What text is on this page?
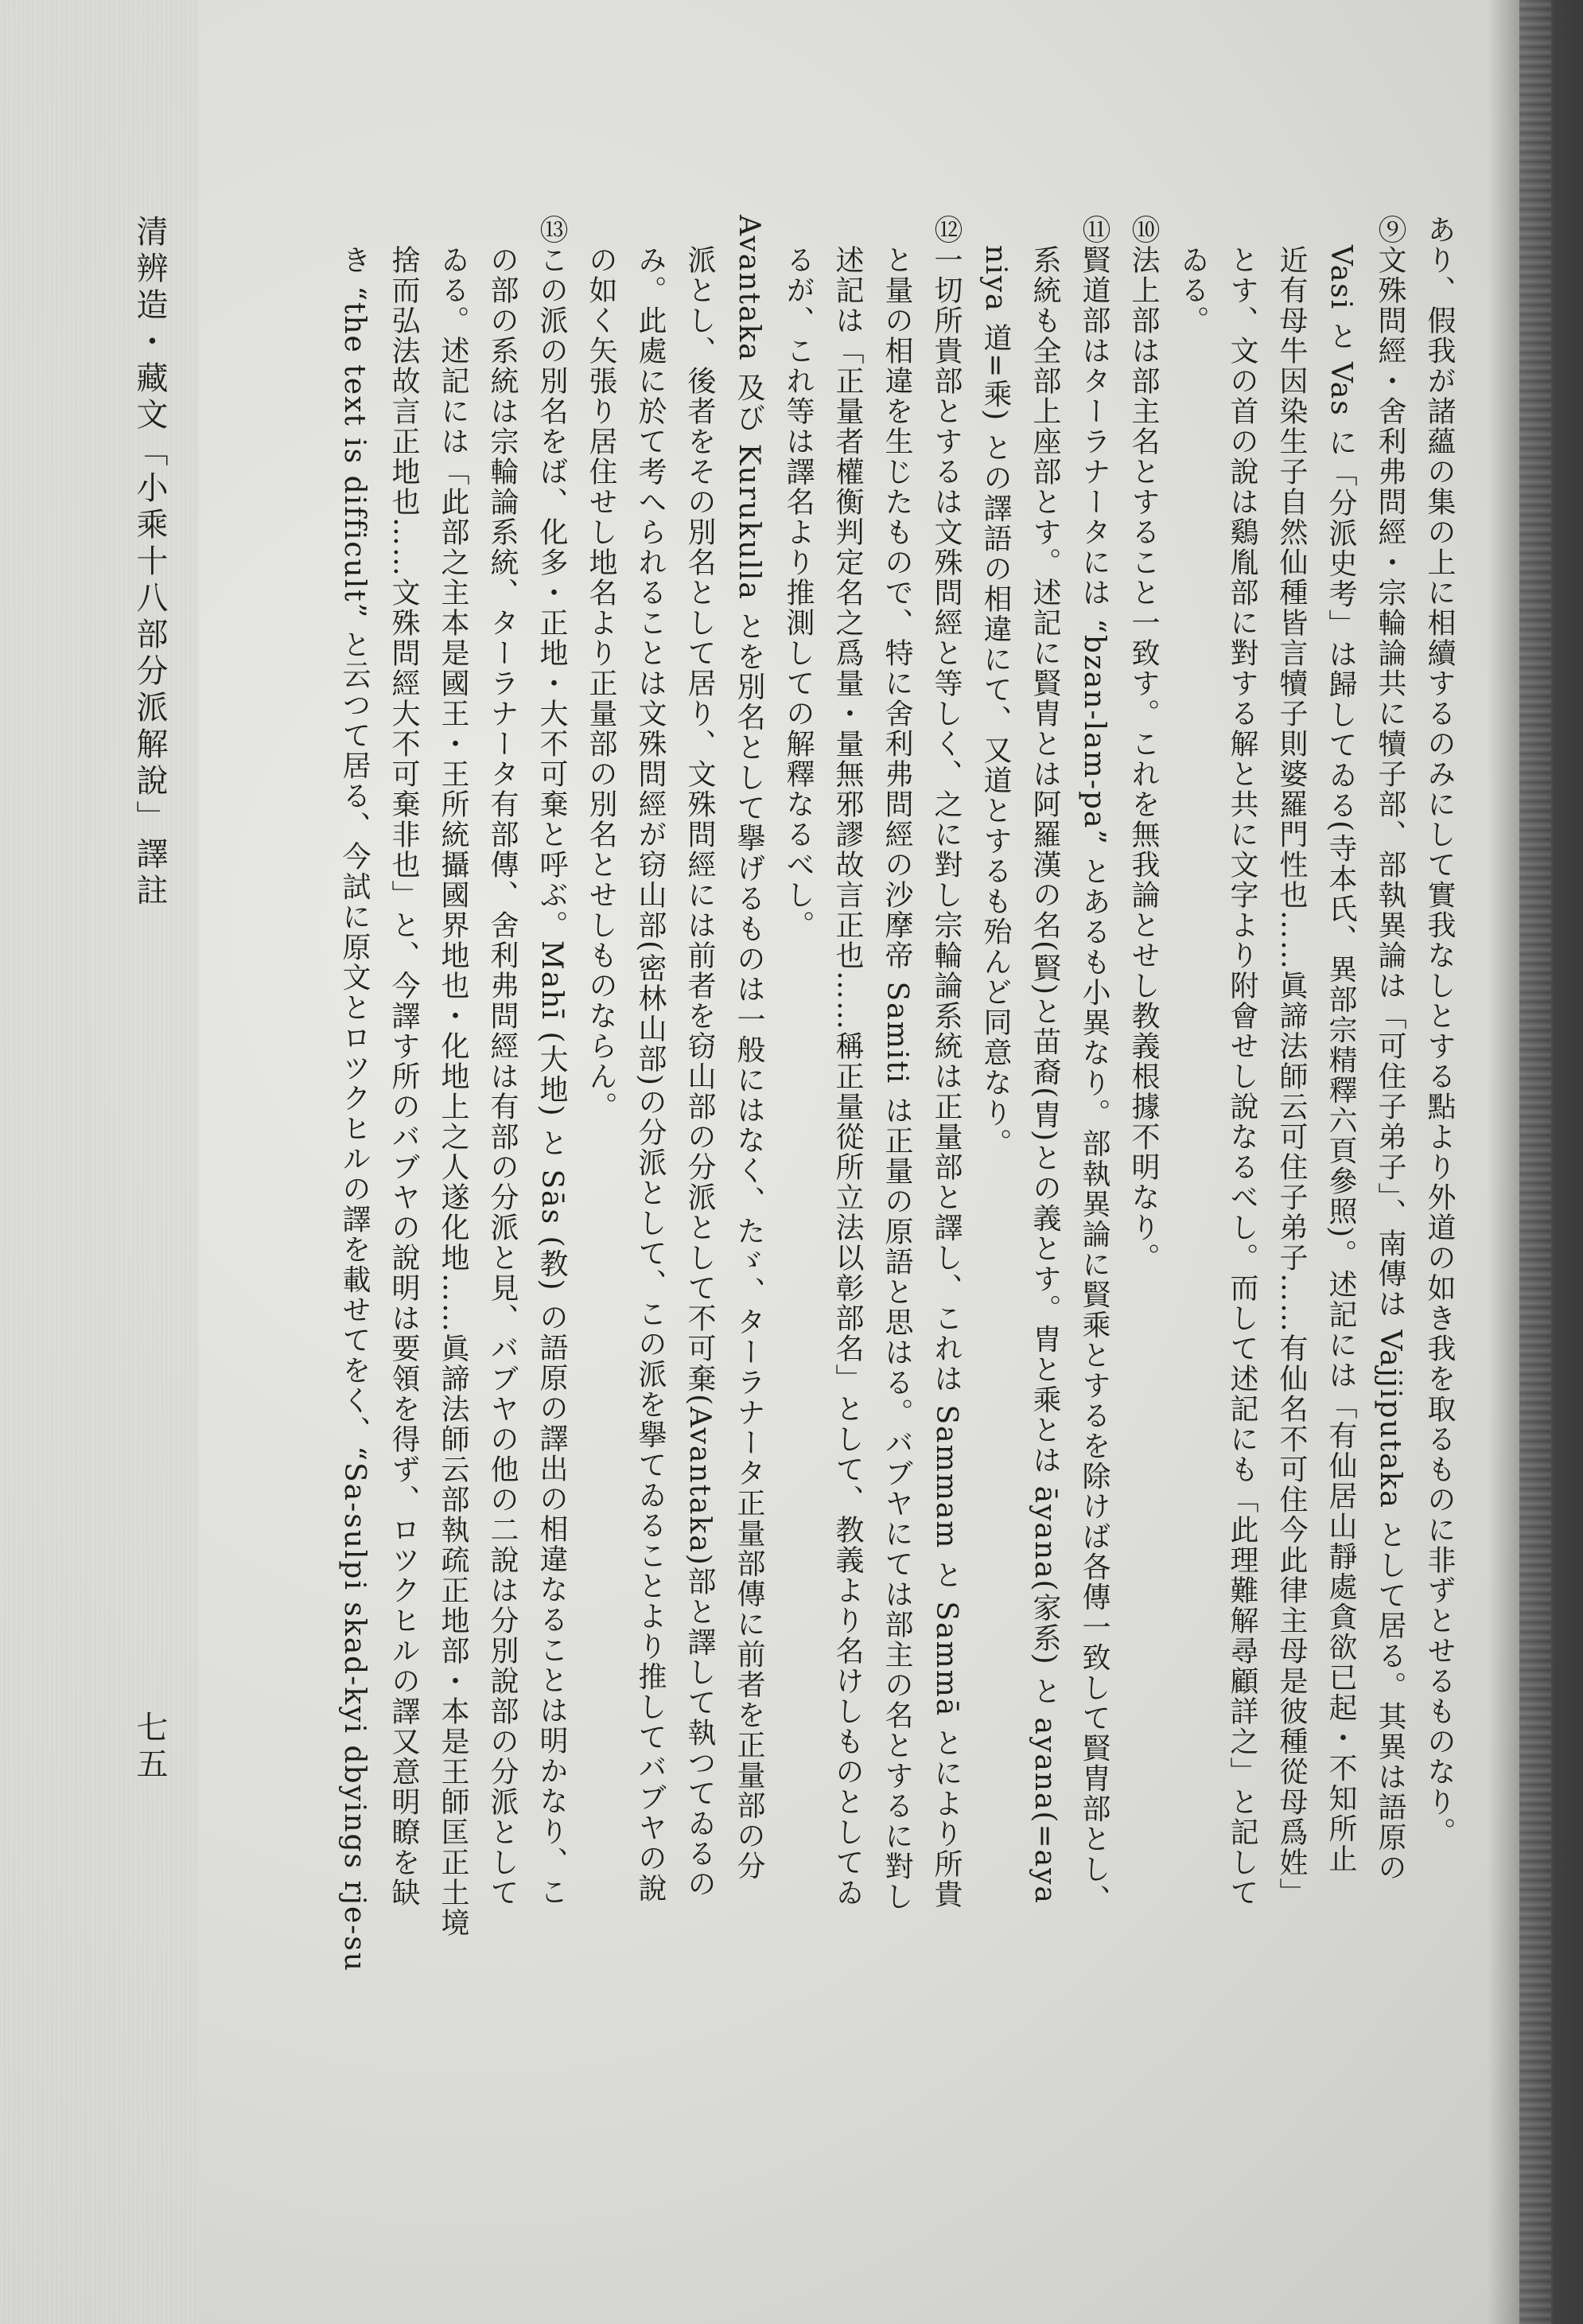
あり、假我が諸蘊の集の上に相續するのみにして實我なしとする點より外道の如き我を取るものに非ずとせるものなり。

⑨文殊問經・舍利弗問經・宗輪論共に犢子部、部執異論は「可住子弟子」、南傳は Vajjiputaka として居る。其異は語原の

　Vasi と Vas に「分派史考」は歸してゐる(寺本氏、異部宗精釋六頁參照)。述記には「有仙居山靜處貪欲已起・不知所止

　近有母牛因染生子自然仙種皆言犢子則婆羅門性也……眞諦法師云可住子弟子……有仙名不可住今此律主母是彼種從母爲姓」

　とす、文の首の說は鷄胤部に對する解と共に文字より附會せし說なるべし。而して述記にも「此理難解尋顧詳之」と記して

　ゐる。

⑩法上部は部主名とすること一致す。これを無我論とせし教義根據不明なり。

⑪賢道部はターラナータには “bzan-lam-pa” とあるも小異なり。部執異論に賢乘とするを除けば各傳一致して賢胄部とし、

　系統も全部上座部とす。述記に賢胄とは阿羅漢の名(賢)と苗裔(胄)との義とす。胄と乘とは āyana(家系) と ayana(=aya

　niya 道=乘) との譯語の相違にて、又道とするも殆んど同意なり。

⑫一切所貴部とするは文殊問經と等しく、之に對し宗輪論系統は正量部と譯し、これは Sammam と Sammā とにより所貴

　と量の相違を生じたもので、特に舍利弗問經の沙摩帝 Samiti は正量の原語と思はる。バブヤにては部主の名とするに對し

　述記は「正量者權衡判定名之爲量・量無邪謬故言正也……稱正量從所立法以彰部名」として、教義より名けしものとしてゐ

　るが、これ等は譯名より推測しての解釋なるべし。

Avantaka 及び Kurukulla とを別名として擧げるものは一般にはなく、たゞ、ターラナータ正量部傳に前者を正量部の分

　派とし、後者をその別名として居り、文殊問經には前者を窃山部の分派として不可棄(Avantaka)部と譯して執つてゐるの

　み。此處に於て考へられることは文殊問經が窃山部(密林山部)の分派として、この派を擧てゐることより推してバブヤの說

　の如く矢張り居住せし地名より正量部の別名とせしものならん。

⑬この派の別名をば、化多・正地・大不可棄と呼ぶ。Mahī (大地) と Sās (教) の語原の譯出の相違なることは明かなり、こ

　の部の系統は宗輪論系統、ターラナータ有部傳、舍利弗問經は有部の分派と見、バブヤの他の二說は分別說部の分派として

　ゐる。述記には「此部之主本是國王・王所統攝國界地也・化地上之人遂化地……眞諦法師云部執疏正地部・本是王師匡正土境

　捨而弘法故言正地也……文殊問經大不可棄非也」と、今譯す所のバブヤの說明は要領を得ず、ロツクヒルの譯又意明瞭を缺

　き “the text is difficult” と云つて居る、今試に原文とロツクヒルの譯を載せてをく、“Sa-sulpi skad-kyi dbyings rje-su

清辨造・藏文「小乘十八部分派解說」譯註
七五
